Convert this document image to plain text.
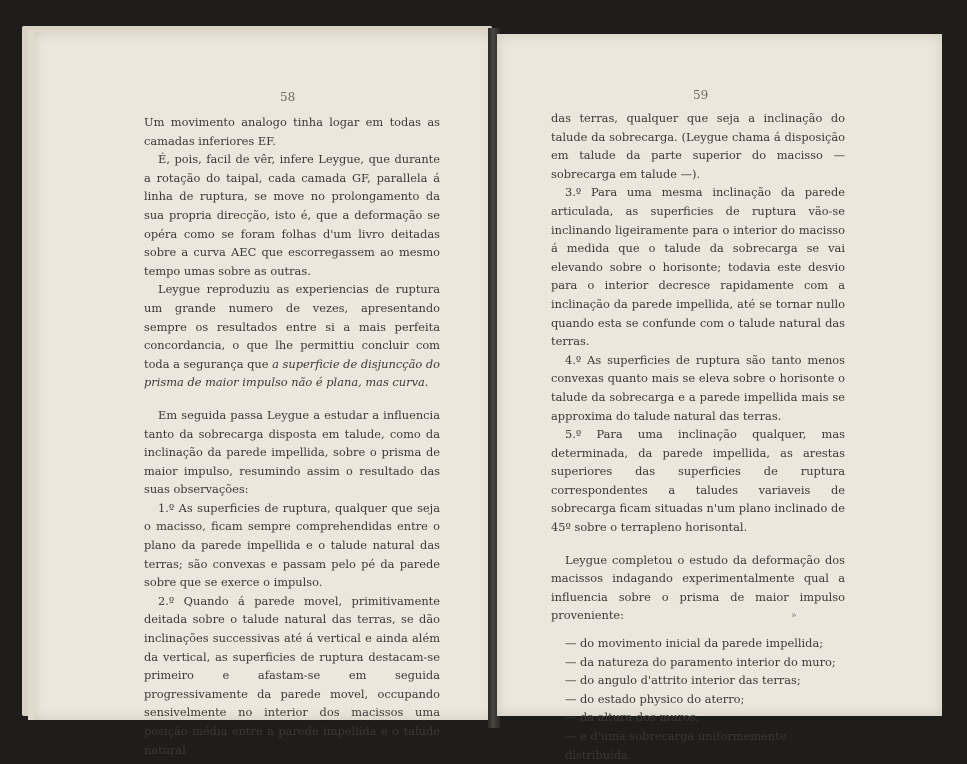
58

Um movimento analogo tinha logar em todas as camadas inferiores EF.

É, pois, facil de vêr, infere Leygue, que durante a rotação do taipal, cada camada GF, parallela á linha de ruptura, se move no prolongamento da sua propria direcção, isto é, que a deformação se opéra como se foram folhas d'um livro deitadas sobre a curva AEC que escorregassem ao mesmo tempo umas sobre as outras.

Leygue reproduziu as experiencias de ruptura um grande numero de vezes, apresentando sempre os resultados entre si a mais perfeita concordancia, o que lhe permittiu concluir com toda a segurança que a superficie de disjuncção do prisma de maior impulso não é plana, mas curva.

Em seguida passa Leygue a estudar a influencia tanto da sobrecarga disposta em talude, como da inclinação da parede impellida, sobre o prisma de maior impulso, resumindo assim o resultado das suas observações:

1.º As superficies de ruptura, qualquer que seja o macisso, ficam sempre comprehendidas entre o plano da parede impellida e o talude natural das terras; são convexas e passam pelo pé da parede sobre que se exerce o impulso.

2.º Quando á parede movel, primitivamente deitada sobre o talude natural das terras, se dão inclinações successivas até á vertical e ainda além da vertical, as superficies de ruptura destacam-se primeiro e afastam-se em seguida progressivamente da parede movel, occupando sensivelmente no interior dos macissos uma posição média entre a parede impellida e o talude natural

59

das terras, qualquer que seja a inclinação do talude da sobrecarga. (Leygue chama á disposição em talude da parte superior do macisso — sobrecarga em talude —).

3.º Para uma mesma inclinação da parede articulada, as superficies de ruptura vão-se inclinando ligeiramente para o interior do macisso á medida que o talude da sobrecarga se vai elevando sobre o horisonte; todavia este desvio para o interior decresce rapidamente com a inclinação da parede impellida, até se tornar nullo quando esta se confunde com o talude natural das terras.

4.º As superficies de ruptura são tanto menos convexas quanto mais se eleva sobre o horisonte o talude da sobrecarga e a parede impellida mais se approxima do talude natural das terras.

5.º Para uma inclinação qualquer, mas determinada, da parede impellida, as arestas superiores das superficies de ruptura correspondentes a taludes variaveis de sobrecarga ficam situadas n'um plano inclinado de 45º sobre o terrapleno horisontal.

Leygue completou o estudo da deformação dos macissos indagando experimentalmente qual a influencia sobre o prisma de maior impulso proveniente:

— do movimento inicial da parede impellida;

— da natureza do paramento interior do muro;

— do angulo d'attrito interior das terras;

— do estado physico do aterro;

— da altura dos muros,

— e d'uma sobrecarga uniformemente distribuida.

»
